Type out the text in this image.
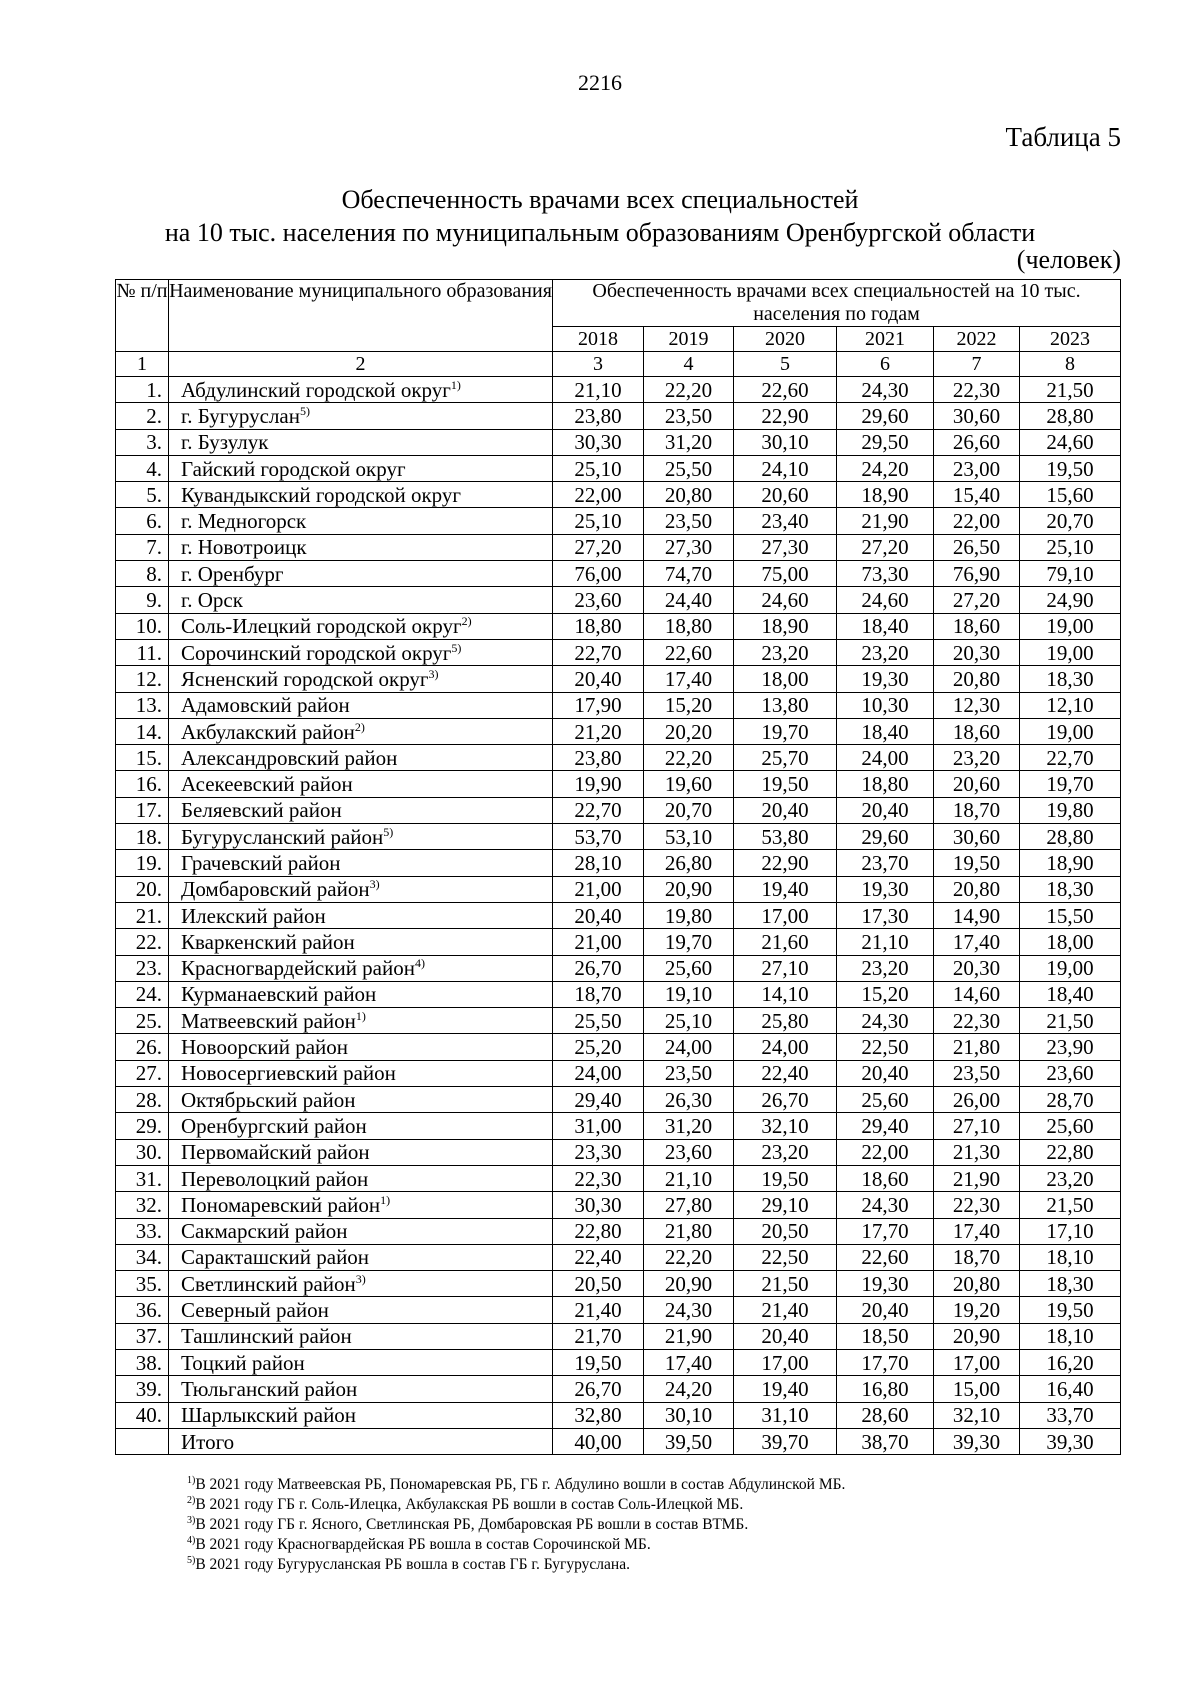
2216
Таблица 5
Обеспеченность врачами всех специальностей
на 10 тыс. населения по муниципальным образованиям Оренбургской области
(человек)
№ п/п	Наименование муниципального образования	Обеспеченность врачами всех специальностей на 10 тыс. населения по годам					
		2018	2019	2020	2021	2022	2023
1	2	3	4	5	6	7	8
1.	Абдулинский городской округ$^{1)}$	21,10	22,20	22,60	24,30	22,30	21,50
2.	г. Бугуруслан$^{5)}$	23,80	23,50	22,90	29,60	30,60	28,80
3.	г. Бузулук	30,30	31,20	30,10	29,50	26,60	24,60
4.	Гайский городской округ	25,10	25,50	24,10	24,20	23,00	19,50
5.	Кувандыкский городской округ	22,00	20,80	20,60	18,90	15,40	15,60
6.	г. Медногорск	25,10	23,50	23,40	21,90	22,00	20,70
7.	г. Новотроицк	27,20	27,30	27,30	27,20	26,50	25,10
8.	г. Оренбург	76,00	74,70	75,00	73,30	76,90	79,10
9.	г. Орск	23,60	24,40	24,60	24,60	27,20	24,90
10.	Соль-Илецкий городской округ$^{2)}$	18,80	18,80	18,90	18,40	18,60	19,00
11.	Сорочинский городской округ$^{5)}$	22,70	22,60	23,20	23,20	20,30	19,00
12.	Ясненский городской округ$^{3)}$	20,40	17,40	18,00	19,30	20,80	18,30
13.	Адамовский район	17,90	15,20	13,80	10,30	12,30	12,10
14.	Акбулакский район$^{2)}$	21,20	20,20	19,70	18,40	18,60	19,00
15.	Александровский район	23,80	22,20	25,70	24,00	23,20	22,70
16.	Асекеевский район	19,90	19,60	19,50	18,80	20,60	19,70
17.	Беляевский район	22,70	20,70	20,40	20,40	18,70	19,80
18.	Бугурусланский район$^{5)}$	53,70	53,10	53,80	29,60	30,60	28,80
19.	Грачевский район	28,10	26,80	22,90	23,70	19,50	18,90
20.	Домбаровский район$^{3)}$	21,00	20,90	19,40	19,30	20,80	18,30
21.	Илекский район	20,40	19,80	17,00	17,30	14,90	15,50
22.	Кваркенский район	21,00	19,70	21,60	21,10	17,40	18,00
23.	Красногвардейский район$^{4)}$	26,70	25,60	27,10	23,20	20,30	19,00
24.	Курманаевский район	18,70	19,10	14,10	15,20	14,60	18,40
25.	Матвеевский район$^{1)}$	25,50	25,10	25,80	24,30	22,30	21,50
26.	Новоорский район	25,20	24,00	24,00	22,50	21,80	23,90
27.	Новосергиевский район	24,00	23,50	22,40	20,40	23,50	23,60
28.	Октябрьский район	29,40	26,30	26,70	25,60	26,00	28,70
29.	Оренбургский район	31,00	31,20	32,10	29,40	27,10	25,60
30.	Первомайский район	23,30	23,60	23,20	22,00	21,30	22,80
31.	Переволоцкий район	22,30	21,10	19,50	18,60	21,90	23,20
32.	Пономаревский район$^{1)}$	30,30	27,80	29,10	24,30	22,30	21,50
33.	Сакмарский район	22,80	21,80	20,50	17,70	17,40	17,10
34.	Саракташский район	22,40	22,20	22,50	22,60	18,70	18,10
35.	Светлинский район$^{3)}$	20,50	20,90	21,50	19,30	20,80	18,30
36.	Северный район	21,40	24,30	21,40	20,40	19,20	19,50
37.	Ташлинский район	21,70	21,90	20,40	18,50	20,90	18,10
38.	Тоцкий район	19,50	17,40	17,00	17,70	17,00	16,20
39.	Тюльганский район	26,70	24,20	19,40	16,80	15,00	16,40
40.	Шарлыкский район	32,80	30,10	31,10	28,60	32,10	33,70
	Итого	40,00	39,50	39,70	38,70	39,30	39,30
$^{1)}$В 2021 году Матвеевская РБ, Пономаревская РБ, ГБ г. Абдулино вошли в состав Абдулинской МБ.
$^{2)}$В 2021 году ГБ г. Соль-Илецка, Акбулакская РБ вошли в состав Соль-Илецкой МБ.
$^{3)}$В 2021 году ГБ г. Ясного, Светлинская РБ, Домбаровская РБ вошли в состав ВТМБ.
$^{4)}$В 2021 году Красногвардейская РБ вошла в состав Сорочинской МБ.
$^{5)}$В 2021 году Бугурусланская РБ вошла в состав ГБ г. Бугуруслана.
